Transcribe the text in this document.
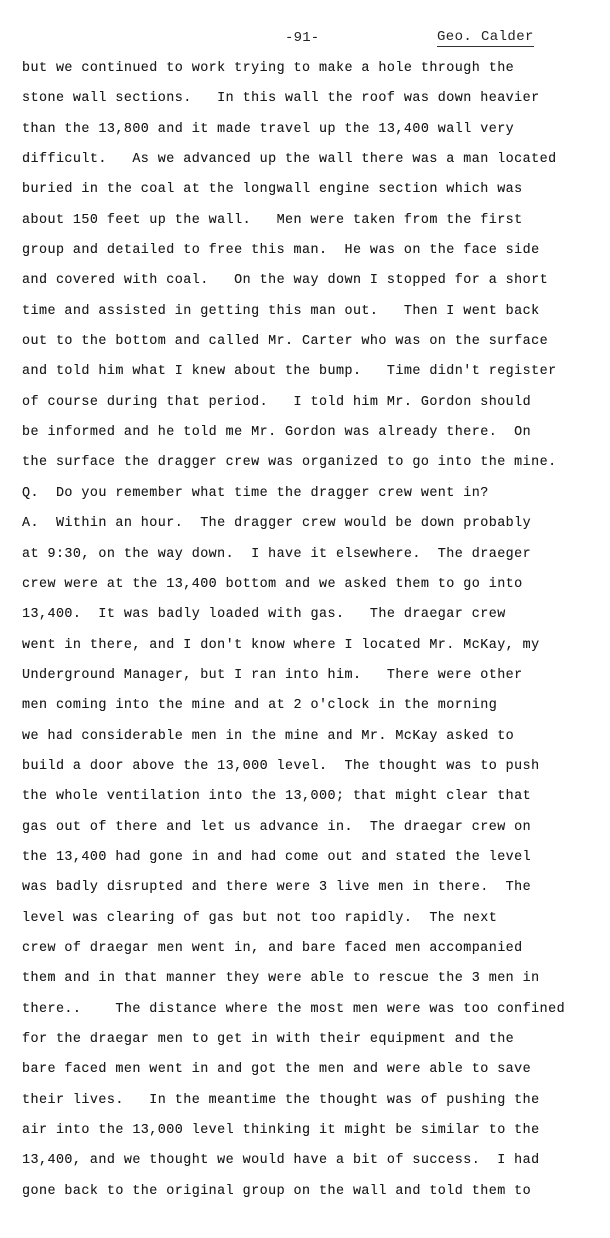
-91-	Geo. Calder
but we continued to work trying to make a hole through the
stone wall sections.   In this wall the roof was down heavier
than the 13,800 and it made travel up the 13,400 wall very
difficult.   As we advanced up the wall there was a man located
buried in the coal at the longwall engine section which was
about 150 feet up the wall.   Men were taken from the first
group and detailed to free this man.  He was on the face side
and covered with coal.   On the way down I stopped for a short
time and assisted in getting this man out.   Then I went back
out to the bottom and called Mr. Carter who was on the surface
and told him what I knew about the bump.   Time didn't register
of course during that period.   I told him Mr. Gordon should
be informed and he told me Mr. Gordon was already there.  On
the surface the dragger crew was organized to go into the mine.
Q.  Do you remember what time the dragger crew went in?
A.  Within an hour.  The dragger crew would be down probably
at 9:30, on the way down.  I have it elsewhere.  The draeger
crew were at the 13,400 bottom and we asked them to go into
13,400.  It was badly loaded with gas.   The draegar crew
went in there, and I don't know where I located Mr. McKay, my
Underground Manager, but I ran into him.   There were other
men coming into the mine and at 2 o'clock in the morning
we had considerable men in the mine and Mr. McKay asked to
build a door above the 13,000 level.  The thought was to push
the whole ventilation into the 13,000; that might clear that
gas out of there and let us advance in.  The draegar crew on
the 13,400 had gone in and had come out and stated the level
was badly disrupted and there were 3 live men in there.  The
level was clearing of gas but not too rapidly.  The next
crew of draegar men went in, and bare faced men accompanied
them and in that manner they were able to rescue the 3 men in
there..    The distance where the most men were was too confined
for the draegar men to get in with their equipment and the
bare faced men went in and got the men and were able to save
their lives.   In the meantime the thought was of pushing the
air into the 13,000 level thinking it might be similar to the
13,400, and we thought we would have a bit of success.  I had
gone back to the original group on the wall and told them to
